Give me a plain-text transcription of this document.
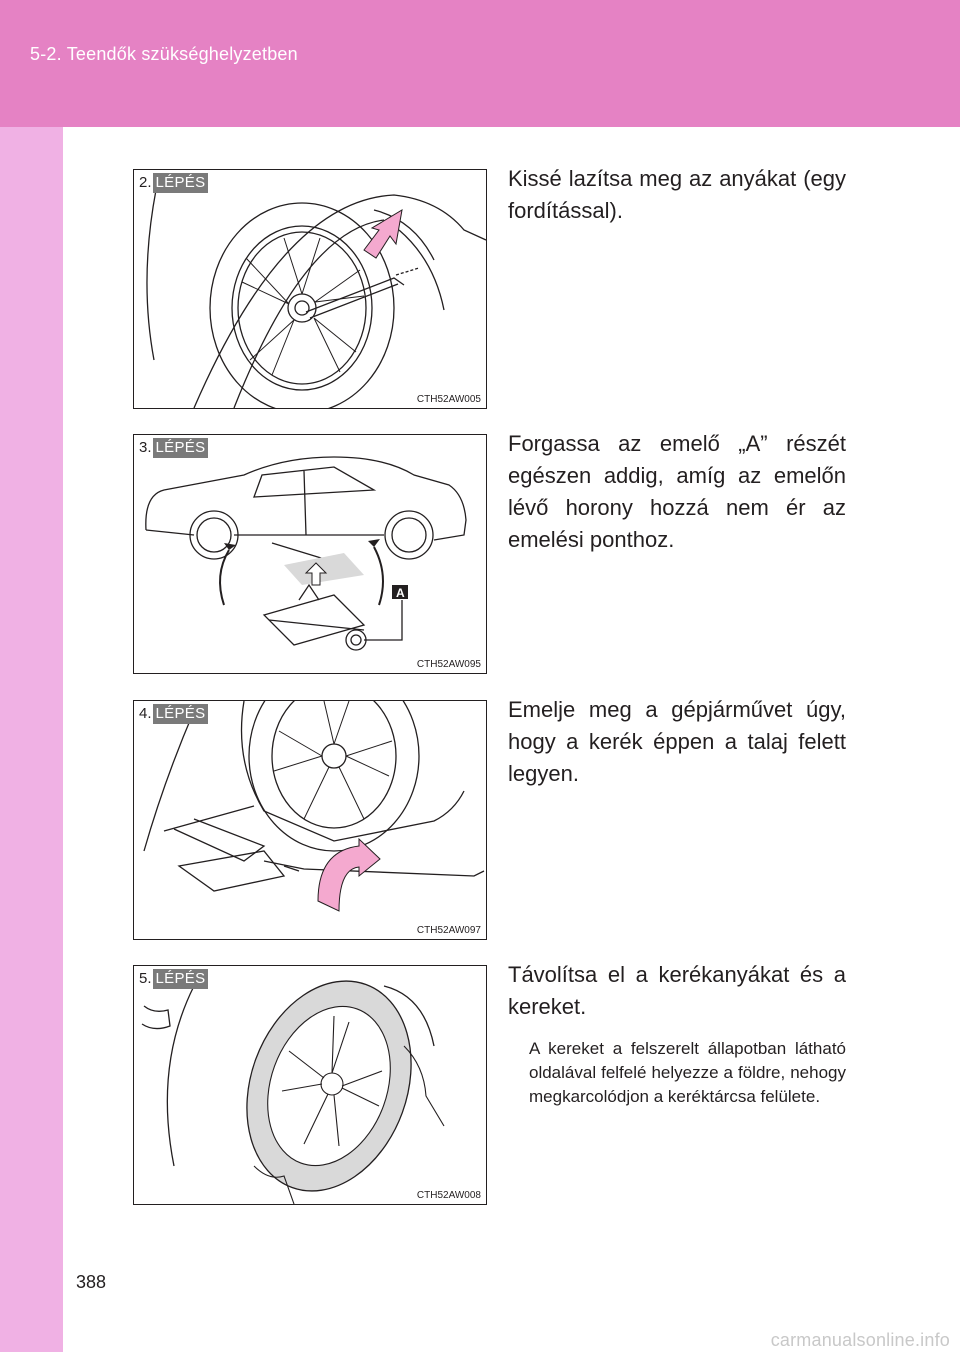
5-2. Teendők szükséghelyzetben
2. LÉPÉS
CTH52AW005
Kissé lazítsa meg az anyákat (egy fordítással).
A
3. LÉPÉS
CTH52AW095
Forgassa az emelő „A” részét egészen addig, amíg az emelőn lévő horony hozzá nem ér az emelési ponthoz.
4. LÉPÉS
CTH52AW097
Emelje meg a gépjárművet úgy, hogy a kerék éppen a talaj felett legyen.
5. LÉPÉS
CTH52AW008
Távolítsa el a kerékanyákat és a kereket.
A kereket a felszerelt állapotban látható oldalával felfelé helyezze a földre, nehogy megkarcolódjon a keréktárcsa felülete.
388
carmanualsonline.info
